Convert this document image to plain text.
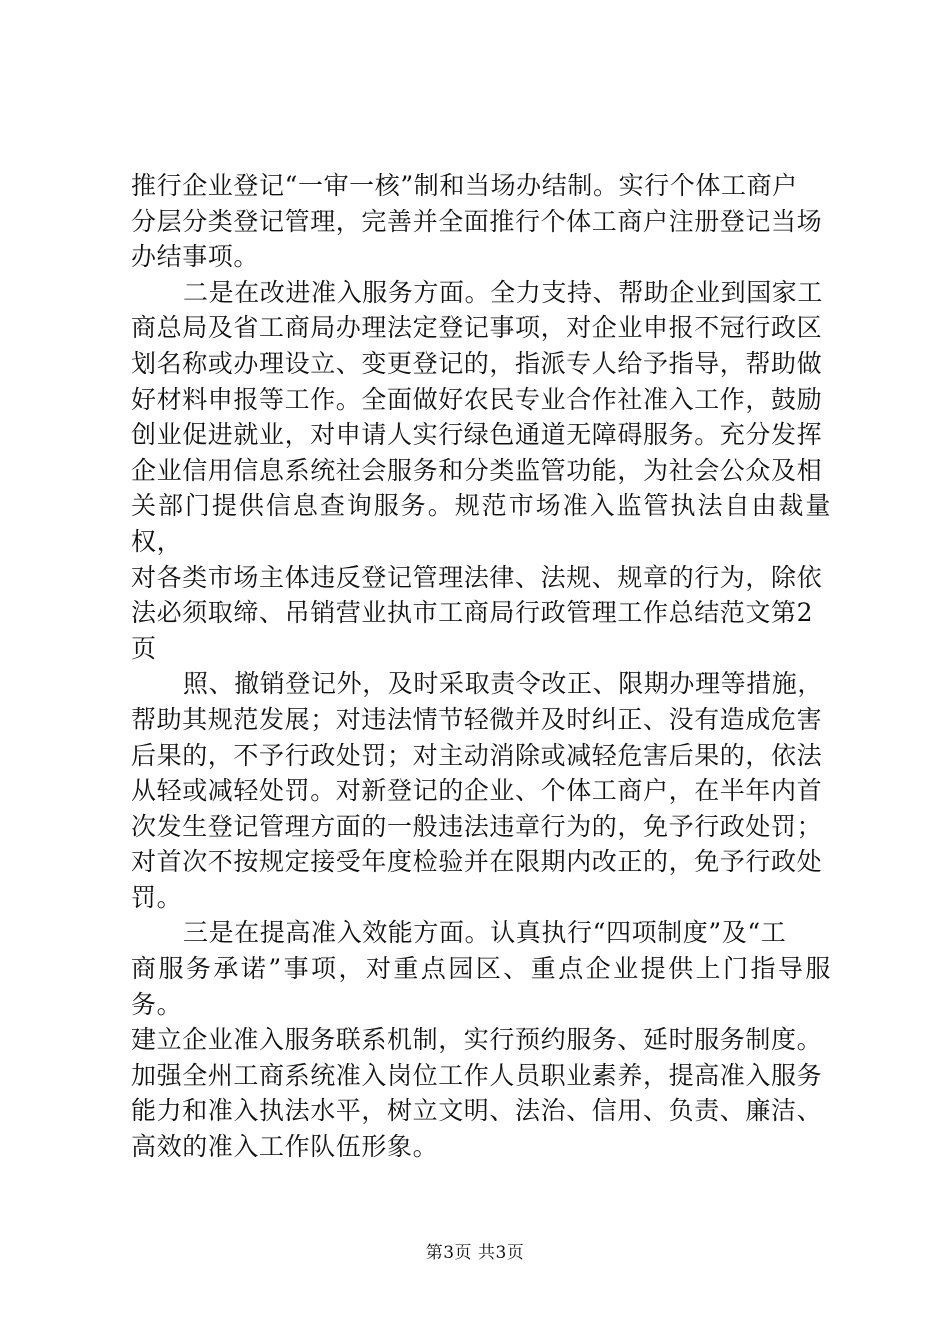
推行企业登记“一审一核”制和当场办结制。实行个体工商户
分层分类登记管理，完善并全面推行个体工商户注册登记当场
办结事项。

二是在改进准入服务方面。全力支持、帮助企业到国家工
商总局及省工商局办理法定登记事项，对企业申报不冠行政区
划名称或办理设立、变更登记的，指派专人给予指导，帮助做
好材料申报等工作。全面做好农民专业合作社准入工作，鼓励
创业促进就业，对申请人实行绿色通道无障碍服务。充分发挥
企业信用信息系统社会服务和分类监管功能，为社会公众及相
关部门提供信息查询服务。规范市场准入监管执法自由裁量权，
对各类市场主体违反登记管理法律、法规、规章的行为，除依
法必须取缔、吊销营业执市工商局行政管理工作总结范文第2
页

照、撤销登记外，及时采取责令改正、限期办理等措施，
帮助其规范发展；对违法情节轻微并及时纠正、没有造成危害
后果的，不予行政处罚；对主动消除或减轻危害后果的，依法
从轻或减轻处罚。对新登记的企业、个体工商户，在半年内首
次发生登记管理方面的一般违法违章行为的，免予行政处罚；
对首次不按规定接受年度检验并在限期内改正的，免予行政处
罚。

三是在提高准入效能方面。认真执行“四项制度”及“工
商服务承诺”事项，对重点园区、重点企业提供上门指导服务。
建立企业准入服务联系机制，实行预约服务、延时服务制度。
加强全州工商系统准入岗位工作人员职业素养，提高准入服务
能力和准入执法水平，树立文明、法治、信用、负责、廉洁、
高效的准入工作队伍形象。

第3页 共3页
